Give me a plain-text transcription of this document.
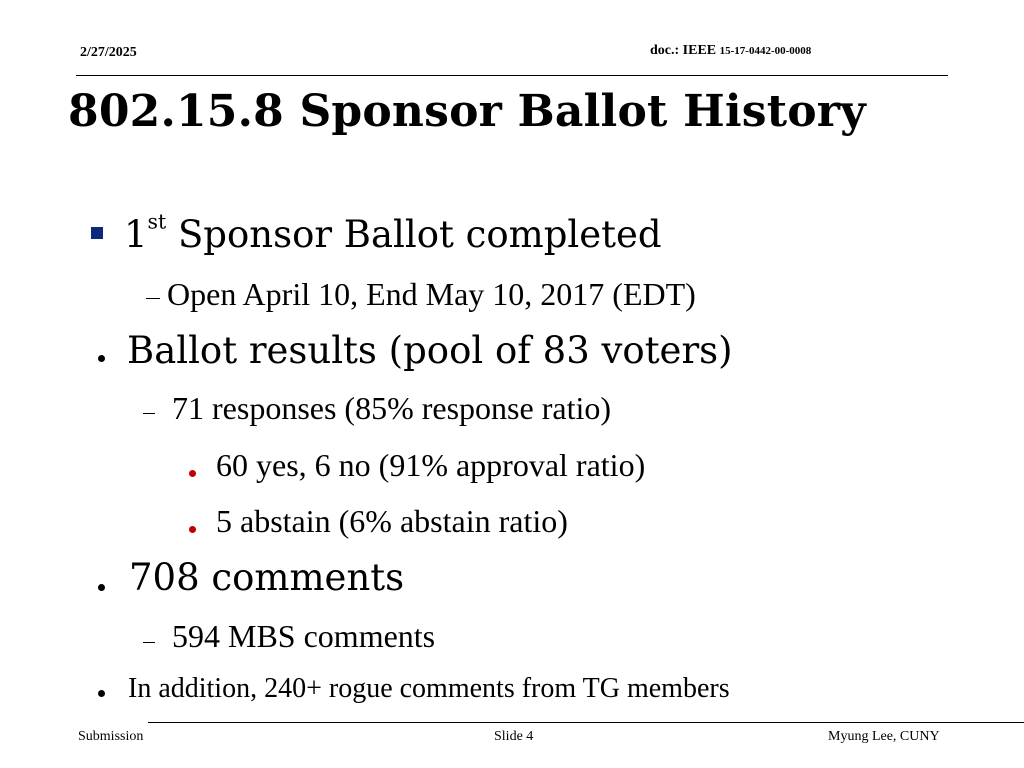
2/27/2025	doc.: IEEE 15-17-0442-00-0008
802.15.8 Sponsor Ballot History
1st Sponsor Ballot completed
Open April 10, End May 10, 2017 (EDT)
Ballot results (pool of 83 voters)
71 responses (85% response ratio)
60 yes, 6 no (91% approval ratio)
5 abstain (6% abstain ratio)
708 comments
594 MBS comments
In addition, 240+ rogue comments from TG members
Submission	Slide 4	Myung Lee, CUNY
